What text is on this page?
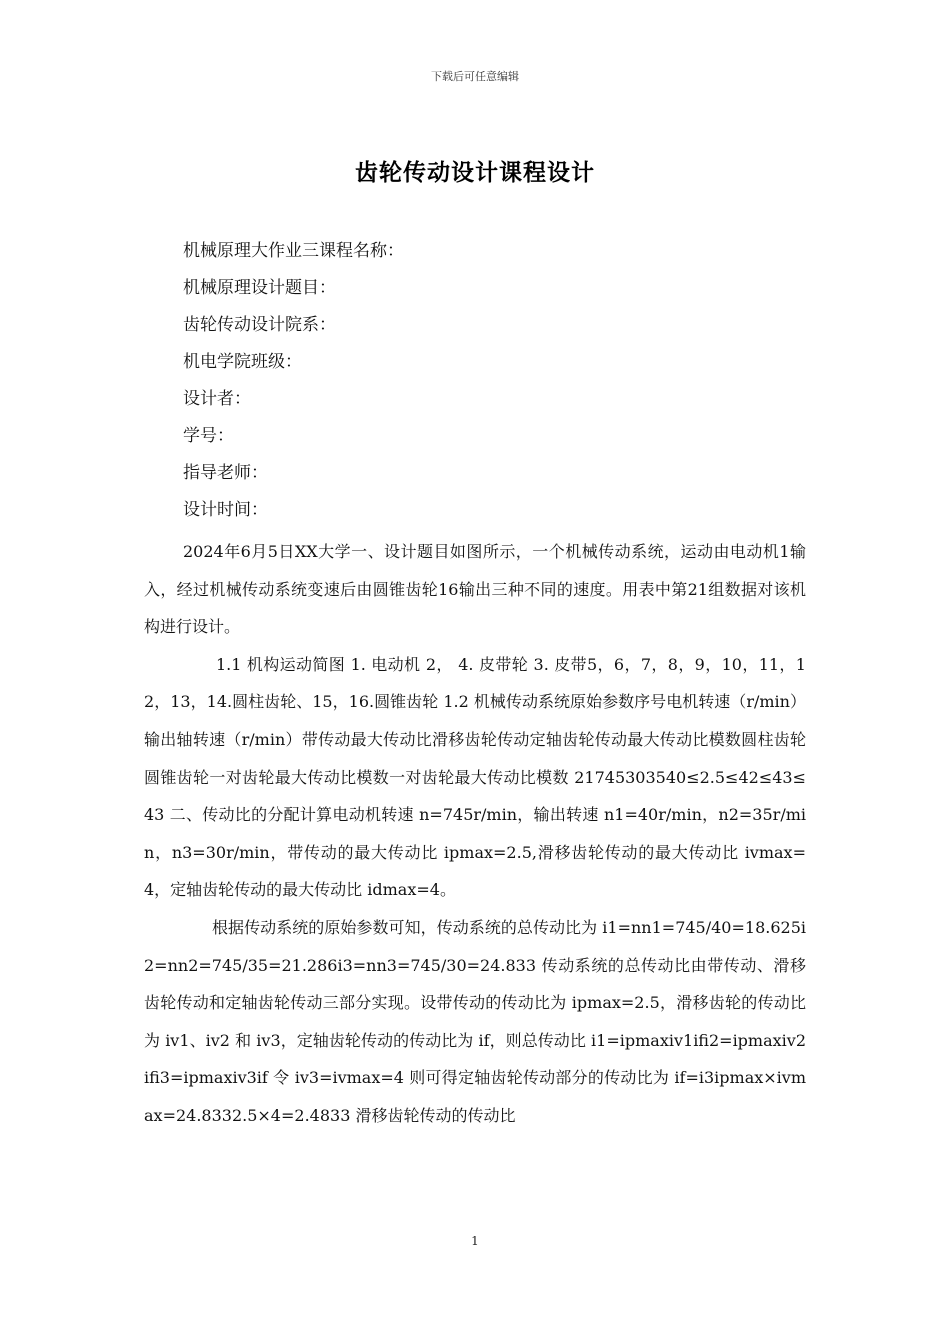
下载后可任意编辑
齿轮传动设计课程设计
机械原理大作业三课程名称：
机械原理设计题目：
齿轮传动设计院系：
机电学院班级：
设计者：
学号：
指导老师：
设计时间：

2024年6月5日XX大学一、设计题目如图所示，一个机械传动系统，运动由电动机1输入，经过机械传动系统变速后由圆锥齿轮16输出三种不同的速度。用表中第21组数据对该机构进行设计。

1.1 机构运动简图 1. 电动机 2， 4. 皮带轮 3. 皮带5，6，7，8，9，10，11，12，13，14.圆柱齿轮、15，16.圆锥齿轮 1.2 机械传动系统原始参数序号电机转速（r/min）输出轴转速（r/min）带传动最大传动比滑移齿轮传动定轴齿轮传动最大传动比模数圆柱齿轮圆锥齿轮一对齿轮最大传动比模数一对齿轮最大传动比模数 21745303540≤2.5≤42≤43≤43 二、传动比的分配计算电动机转速 n=745r/min，输出转速 n1=40r/min，n2=35r/min，n3=30r/min，带传动的最大传动比 ipmax=2.5,滑移齿轮传动的最大传动比 ivmax=4，定轴齿轮传动的最大传动比 idmax=4。

根据传动系统的原始参数可知，传动系统的总传动比为 i1=nn1=745/40=18.625i2=nn2=745/35=21.286i3=nn3=745/30=24.833 传动系统的总传动比由带传动、滑移齿轮传动和定轴齿轮传动三部分实现。设带传动的传动比为 ipmax=2.5，滑移齿轮的传动比为 iv1、iv2 和 iv3，定轴齿轮传动的传动比为 if，则总传动比 i1=ipmaxiv1ifi2=ipmaxiv2ifi3=ipmaxiv3if 令 iv3=ivmax=4 则可得定轴齿轮传动部分的传动比为 if=i3ipmax×ivmax=24.8332.5×4=2.4833 滑移齿轮传动的传动比

1
